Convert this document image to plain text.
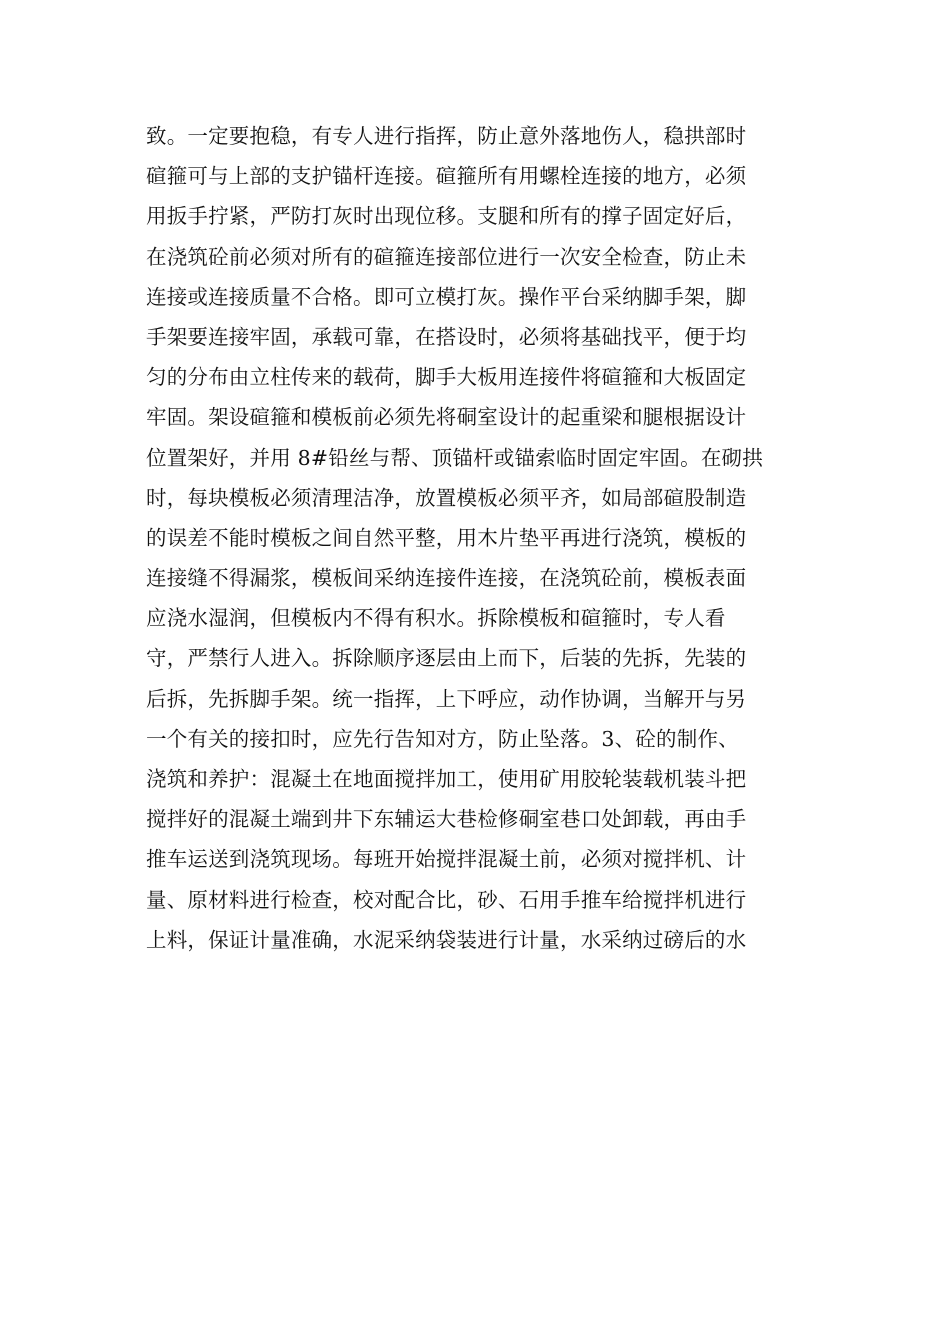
致。一定要抱稳，有专人进行指挥，防止意外落地伤人，稳拱部时
碹箍可与上部的支护锚杆连接。碹箍所有用螺栓连接的地方，必须
用扳手拧紧，严防打灰时出现位移。支腿和所有的撑子固定好后，
在浇筑砼前必须对所有的碹箍连接部位进行一次安全检查，防止未
连接或连接质量不合格。即可立模打灰。操作平台采纳脚手架，脚
手架要连接牢固，承载可靠，在搭设时，必须将基础找平，便于均
匀的分布由立柱传来的载荷，脚手大板用连接件将碹箍和大板固定
牢固。架设碹箍和模板前必须先将硐室设计的起重梁和腿根据设计
位置架好，并用 8#铅丝与帮、顶锚杆或锚索临时固定牢固。在砌拱
时，每块模板必须清理洁净，放置模板必须平齐，如局部碹股制造
的误差不能时模板之间自然平整，用木片垫平再进行浇筑，模板的
连接缝不得漏浆，模板间采纳连接件连接，在浇筑砼前，模板表面
应浇水湿润，但模板内不得有积水。拆除模板和碹箍时，专人看
守，严禁行人进入。拆除顺序逐层由上而下，后装的先拆，先装的
后拆，先拆脚手架。统一指挥，上下呼应，动作协调，当解开与另
一个有关的接扣时，应先行告知对方，防止坠落。3、砼的制作、
浇筑和养护：混凝土在地面搅拌加工，使用矿用胶轮装载机装斗把
搅拌好的混凝土端到井下东辅运大巷检修硐室巷口处卸载，再由手
推车运送到浇筑现场。每班开始搅拌混凝土前，必须对搅拌机、计
量、原材料进行检查，校对配合比，砂、石用手推车给搅拌机进行
上料，保证计量准确，水泥采纳袋装进行计量，水采纳过磅后的水
